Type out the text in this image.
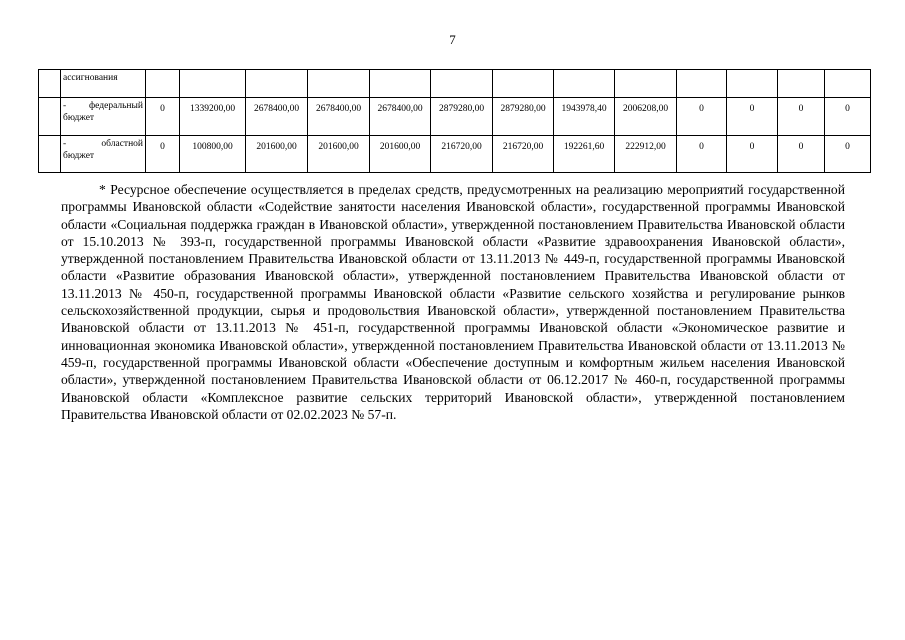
7

	ассигнования													

	- федеральный
бюджет	0	1339200,00	2678400,00	2678400,00	2678400,00	2879280,00	2879280,00	1943978,40	2006208,00	0	0	0	0

	- областной
бюджет	0	100800,00	201600,00	201600,00	201600,00	216720,00	216720,00	192261,60	222912,00	0	0	0	0

* Ресурсное обеспечение осуществляется в пределах средств, предусмотренных на реализацию мероприятий государственной программы Ивановской области «Содействие занятости населения Ивановской области», государственной программы Ивановской области «Социальная поддержка граждан в Ивановской области», утвержденной постановлением Правительства Ивановской области от 15.10.2013 № 393-п, государственной программы Ивановской области «Развитие здравоохранения Ивановской области», утвержденной постановлением Правительства Ивановской области от 13.11.2013 № 449-п, государственной программы Ивановской области «Развитие образования Ивановской области», утвержденной постановлением Правительства Ивановской области от 13.11.2013 № 450-п, государственной программы Ивановской области «Развитие сельского хозяйства и регулирование рынков сельскохозяйственной продукции, сырья и продовольствия Ивановской области», утвержденной постановлением Правительства Ивановской области от 13.11.2013 № 451-п, государственной программы Ивановской области «Экономическое развитие и инновационная экономика Ивановской области», утвержденной постановлением Правительства Ивановской области от 13.11.2013 № 459-п, государственной программы Ивановской области «Обеспечение доступным и комфортным жильем населения Ивановской области», утвержденной постановлением Правительства Ивановской области от 06.12.2017 № 460-п, государственной программы Ивановской области «Комплексное развитие сельских территорий Ивановской области», утвержденной постановлением Правительства Ивановской области от 02.02.2023 № 57-п.
